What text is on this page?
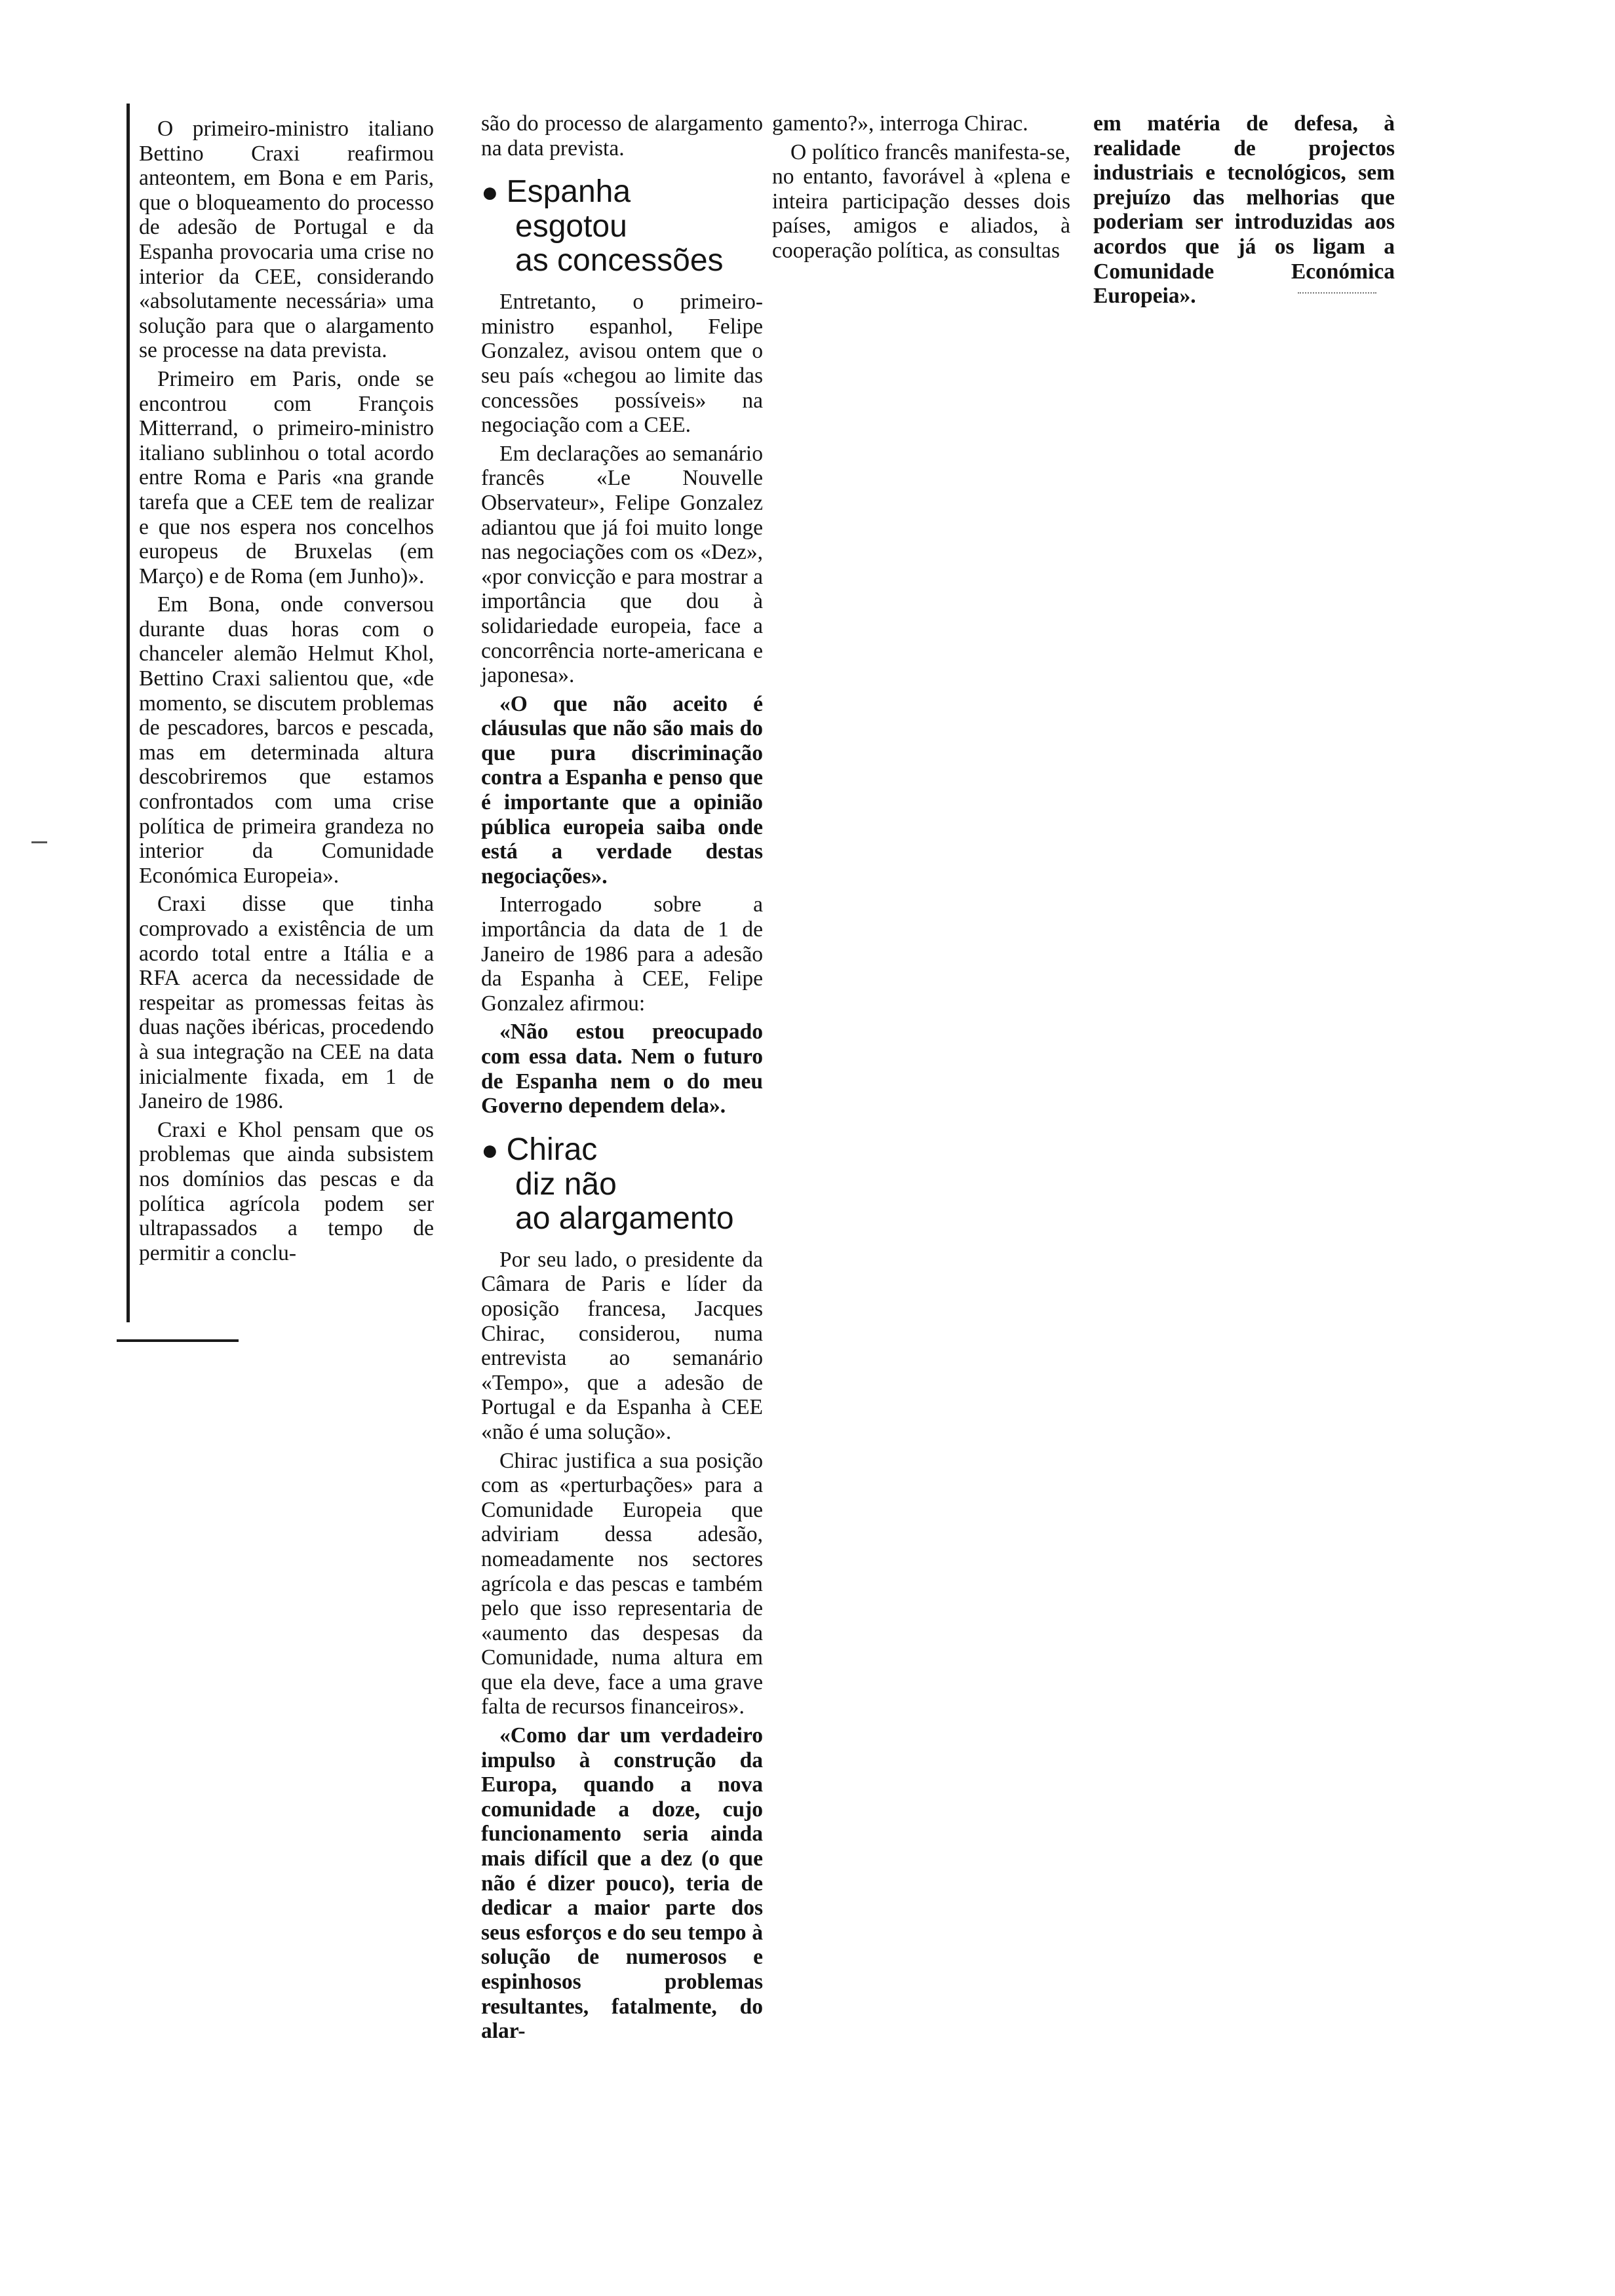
O primeiro-ministro italiano Bettino Craxi reafirmou anteontem, em Bona e em Paris, que o bloqueamento do processo de adesão de Portugal e da Espanha provocaria uma crise no interior da CEE, considerando «absolutamente necessária» uma solução para que o alargamento se processe na data prevista.

Primeiro em Paris, onde se encontrou com François Mitterrand, o primeiro-ministro italiano sublinhou o total acordo entre Roma e Paris «na grande tarefa que a CEE tem de realizar e que nos espera nos concelhos europeus de Bruxelas (em Março) e de Roma (em Junho)».

Em Bona, onde conversou durante duas horas com o chanceler alemão Helmut Khol, Bettino Craxi salientou que, «de momento, se discutem problemas de pescadores, barcos e pescada, mas em determinada altura descobriremos que estamos confrontados com uma crise política de primeira grandeza no interior da Comunidade Económica Europeia».

Craxi disse que tinha comprovado a existência de um acordo total entre a Itália e a RFA acerca da necessidade de respeitar as promessas feitas às duas nações ibéricas, procedendo à sua integração na CEE na data inicialmente fixada, em 1 de Janeiro de 1986.

Craxi e Khol pensam que os problemas que ainda subsistem nos domínios das pescas e da política agrícola podem ser ultrapassados a tempo de permitir a conclu-

são do processo de alargamento na data prevista.

● Espanha
esgotou
as concessões

Entretanto, o primeiro-ministro espanhol, Felipe Gonzalez, avisou ontem que o seu país «chegou ao limite das concessões possíveis» na negociação com a CEE.

Em declarações ao semanário francês «Le Nouvelle Observateur», Felipe Gonzalez adiantou que já foi muito longe nas negociações com os «Dez», «por convicção e para mostrar a importância que dou à solidariedade europeia, face a concorrência norte-americana e japonesa».

«O que não aceito é cláusulas que não são mais do que pura discriminação contra a Espanha e penso que é importante que a opinião pública europeia saiba onde está a verdade destas negociações».

Interrogado sobre a importância da data de 1 de Janeiro de 1986 para a adesão da Espanha à CEE, Felipe Gonzalez afirmou:

«Não estou preocupado com essa data. Nem o futuro de Espanha nem o do meu Governo dependem dela».

● Chirac
diz não
ao alargamento

Por seu lado, o presidente da Câmara de Paris e líder da oposição francesa, Jacques Chirac, considerou, numa entrevista ao semanário «Tempo», que a adesão de Portugal e da Espanha à CEE «não é uma solução».

Chirac justifica a sua posição com as «perturbações» para a Comunidade Europeia que adviriam dessa adesão, nomeadamente nos sectores agrícola e das pescas e também pelo que isso representaria de «aumento das despesas da Comunidade, numa altura em que ela deve, face a uma grave falta de recursos financeiros».

«Como dar um verdadeiro impulso à construção da Europa, quando a nova comunidade a doze, cujo funcionamento seria ainda mais difícil que a dez (o que não é dizer pouco), teria de dedicar a maior parte dos seus esforços e do seu tempo à solução de numerosos e espinhosos problemas resultantes, fatalmente, do alar-

gamento?», interroga Chirac.

O político francês manifesta-se, no entanto, favorável à «plena e inteira participação desses dois países, amigos e aliados, à cooperação política, as consultas

em matéria de defesa, à realidade de projectos industriais e tecnológicos, sem prejuízo das melhorias que poderiam ser introduzidas aos acordos que já os ligam a Comunidade Económica Europeia».
